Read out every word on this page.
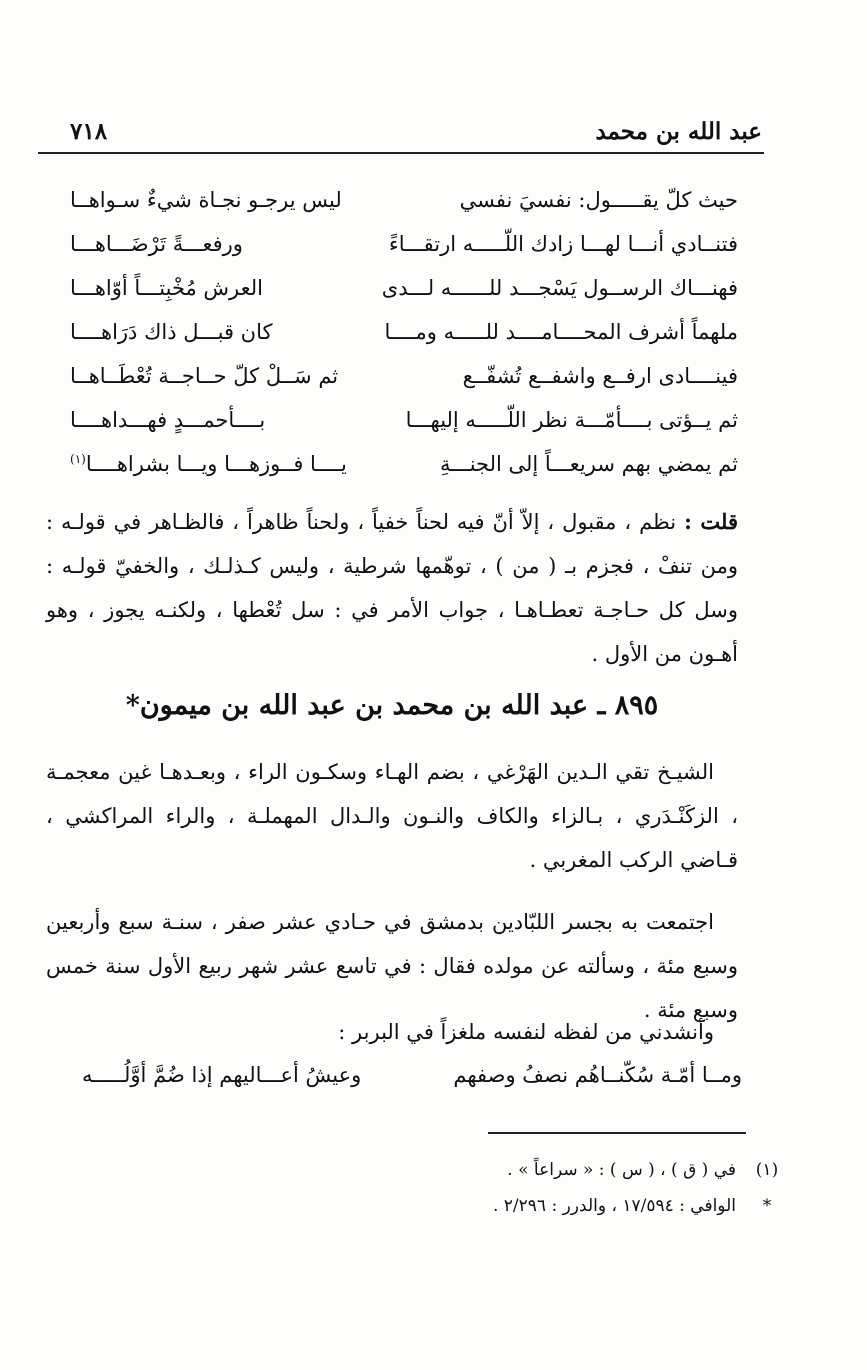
عبد الله بن محمد
٧١٨
حيث كلّ يقـــــول: نفسيَ نفسي
ليس يرجـو نجـاة شيءٌ سـواهــا
فتنــادي أنـــا لهـــا زادك اللّـــــه ارتقـــاءً
ورفعـــةً تَرْضَـــاهـــا
فهنـــاك الرســول يَسْجـــد للــــــه لـــدى
العرش مُخْبِتـــاً أوّاهـــا
ملهماً أشرف المحــــامــــد للـــــه ومــــا
كان قبـــل ذاك دَرَاهــــا
فينــــادى ارفــع واشفــع تُشفّــع
ثم سَــلْ كلّ حــاجــة تُعْطَــاهــا
ثم يــؤتى بــــأمّـــة نظر اللّـــــه إليهـــا
بــــأحمـــدٍ فهـــداهــــا
ثم يمضي بهم سريعـــاً إلى الجنـــةِ
يــــا فــوزهـــا ويـــا بشراهــــا$^{(١)}$

قلت : نظم ، مقبول ، إلاّ أنّ فيه لحناً خفياً ، ولحناً ظاهراً ، فالظـاهر في قولـه : ومن تنفْ ، فجزم بـ ( من ) ، توهّمها شرطية ، وليس كـذلـك ، والخفيّ قولـه : وسل كل حـاجـة تعطـاهـا ، جواب الأمر في : سل تُعْطها ، ولكنـه يجوز ، وهو أهـون من الأول .

٨٩٥ ـ عبد الله بن محمد بن عبد الله بن ميمون*

الشيـخ تقي الـدين الهَرْغي ، بضم الهـاء وسكـون الراء ، وبعـدهـا غين معجمـة ، الزكَنْـدَري ، بـالزاء والكاف والنـون والـدال المهملـة ، والراء المراكشي ، قـاضي الركب المغربي .

اجتمعت به بجسر اللبّادين بدمشق في حـادي عشر صفر ، سنـة سبع وأربعين وسبع مئة ، وسألته عن مولده فقال : في تاسع عشر شهر ربيع الأول سنة خمس وسبع مئة .

وأنشدني من لفظه لنفسه ملغزاً في البربر :

ومــا أمّـة سُكّنــاهُم نصفُ وصفهم
وعيشُ أعـــاليهم إذا ضُمَّ أوَّلُـــــه
(١)
في ( ق ) ، ( س ) : « سراعاً » .
*
الوافي : ١٧/٥٩٤ ، والدرر : ٢/٢٩٦ .
